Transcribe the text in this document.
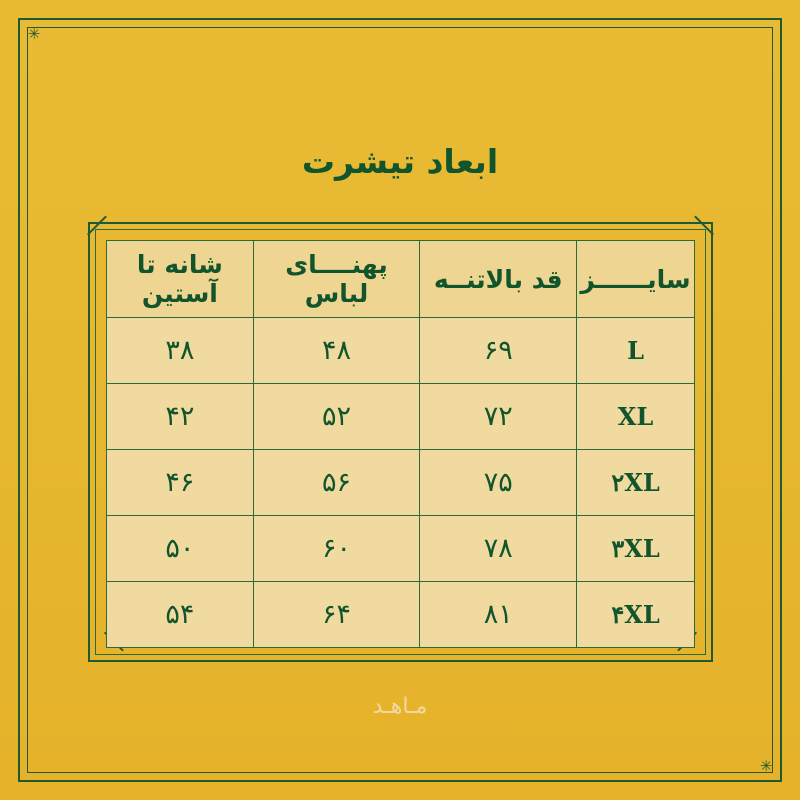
✳
✳
ابعاد تیشرت
سایــــــز	قد بالاتنــه	پهنــــای لباس	شانه تا آستین
L	۶۹	۴۸	۳۸
XL	۷۲	۵۲	۴۲
۲XL	۷۵	۵۶	۴۶
۳XL	۷۸	۶۰	۵۰
۴XL	۸۱	۶۴	۵۴
مـاهـد
